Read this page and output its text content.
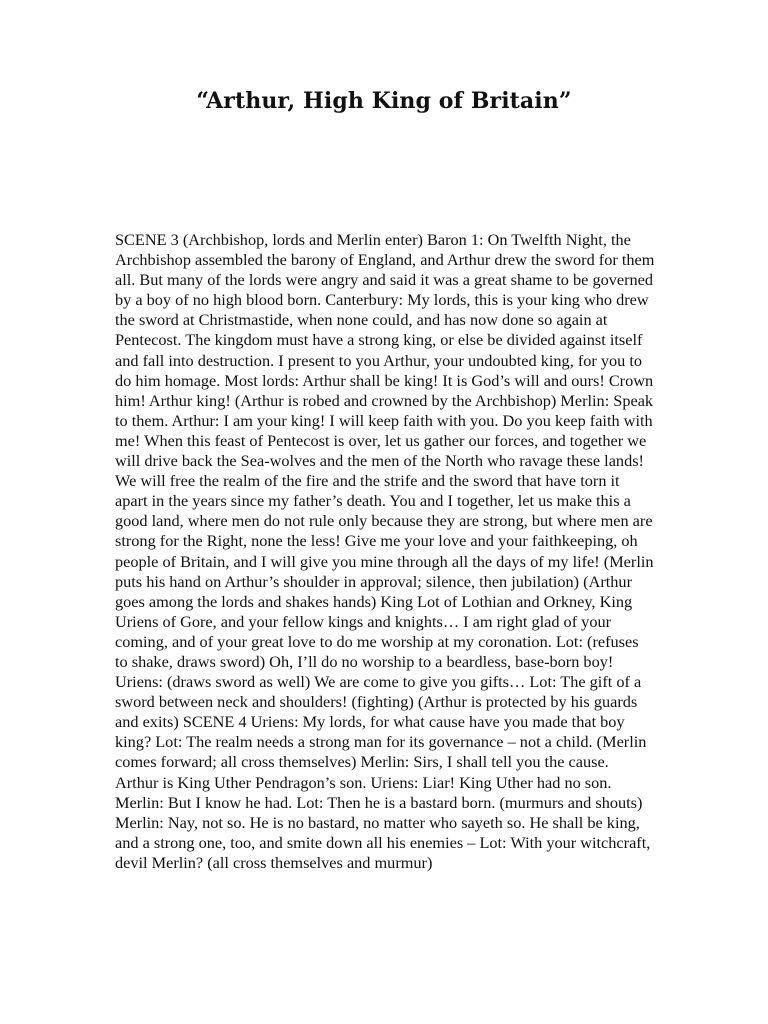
“Arthur, High King of Britain”

SCENE 3 (Archbishop, lords and Merlin enter) Baron 1: On Twelfth Night, the Archbishop assembled the barony of England, and Arthur drew the sword for them all. But many of the lords were angry and said it was a great shame to be governed by a boy of no high blood born. Canterbury: My lords, this is your king who drew the sword at Christmastide, when none could, and has now done so again at Pentecost. The kingdom must have a strong king, or else be divided against itself and fall into destruction. I present to you Arthur, your undoubted king, for you to do him homage. Most lords: Arthur shall be king! It is God’s will and ours! Crown him! Arthur king! (Arthur is robed and crowned by the Archbishop) Merlin: Speak to them. Arthur: I am your king! I will keep faith with you. Do you keep faith with me! When this feast of Pentecost is over, let us gather our forces, and together we will drive back the Sea-wolves and the men of the North who ravage these lands! We will free the realm of the fire and the strife and the sword that have torn it apart in the years since my father’s death. You and I together, let us make this a good land, where men do not rule only because they are strong, but where men are strong for the Right, none the less! Give me your love and your faithkeeping, oh people of Britain, and I will give you mine through all the days of my life! (Merlin puts his hand on Arthur’s shoulder in approval; silence, then jubilation) (Arthur goes among the lords and shakes hands) King Lot of Lothian and Orkney, King Uriens of Gore, and your fellow kings and knights… I am right glad of your coming, and of your great love to do me worship at my coronation. Lot: (refuses to shake, draws sword) Oh, I’ll do no worship to a beardless, base-born boy! Uriens: (draws sword as well) We are come to give you gifts… Lot: The gift of a sword between neck and shoulders! (fighting) (Arthur is protected by his guards and exits) SCENE 4 Uriens: My lords, for what cause have you made that boy king? Lot: The realm needs a strong man for its governance – not a child. (Merlin comes forward; all cross themselves) Merlin: Sirs, I shall tell you the cause. Arthur is King Uther Pendragon’s son. Uriens: Liar! King Uther had no son. Merlin: But I know he had. Lot: Then he is a bastard born. (murmurs and shouts) Merlin: Nay, not so. He is no bastard, no matter who sayeth so. He shall be king, and a strong one, too, and smite down all his enemies – Lot: With your witchcraft, devil Merlin? (all cross themselves and murmur)
